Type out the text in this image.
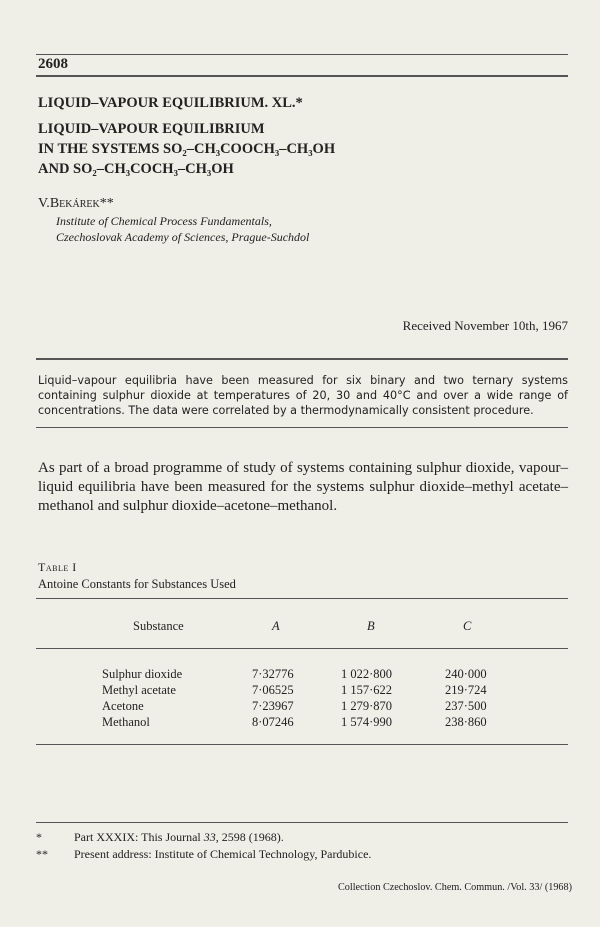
2608
LIQUID–VAPOUR EQUILIBRIUM. XL.*
LIQUID–VAPOUR EQUILIBRIUM
IN THE SYSTEMS SO₂–CH₃COOCH₃–CH₃OH
AND SO₂–CH₃COCH₃–CH₃OH
V.Bekárek**
Institute of Chemical Process Fundamentals,
Czechoslovak Academy of Sciences, Prague-Suchdol
Received November 10th, 1967
Liquid–vapour equilibria have been measured for six binary and two ternary systems containing sulphur dioxide at temperatures of 20, 30 and 40°C and over a wide range of concentrations. The data were correlated by a thermodynamically consistent procedure.
As part of a broad programme of study of systems containing sulphur dioxide, vapour–liquid equilibria have been measured for the systems sulphur dioxide–methyl acetate–methanol and sulphur dioxide–acetone–methanol.
Table I
Antoine Constants for Substances Used
Substance	A	B	C
Sulphur dioxide	7·32776	1 022·800	240·000
Methyl acetate	7·06525	1 157·622	219·724
Acetone	7·23967	1 279·870	237·500
Methanol	8·07246	1 574·990	238·860
*	Part XXXIX: This Journal 33, 2598 (1968).
** Present address: Institute of Chemical Technology, Pardubice.
Collection Czechoslov. Chem. Commun. /Vol. 33/ (1968)
